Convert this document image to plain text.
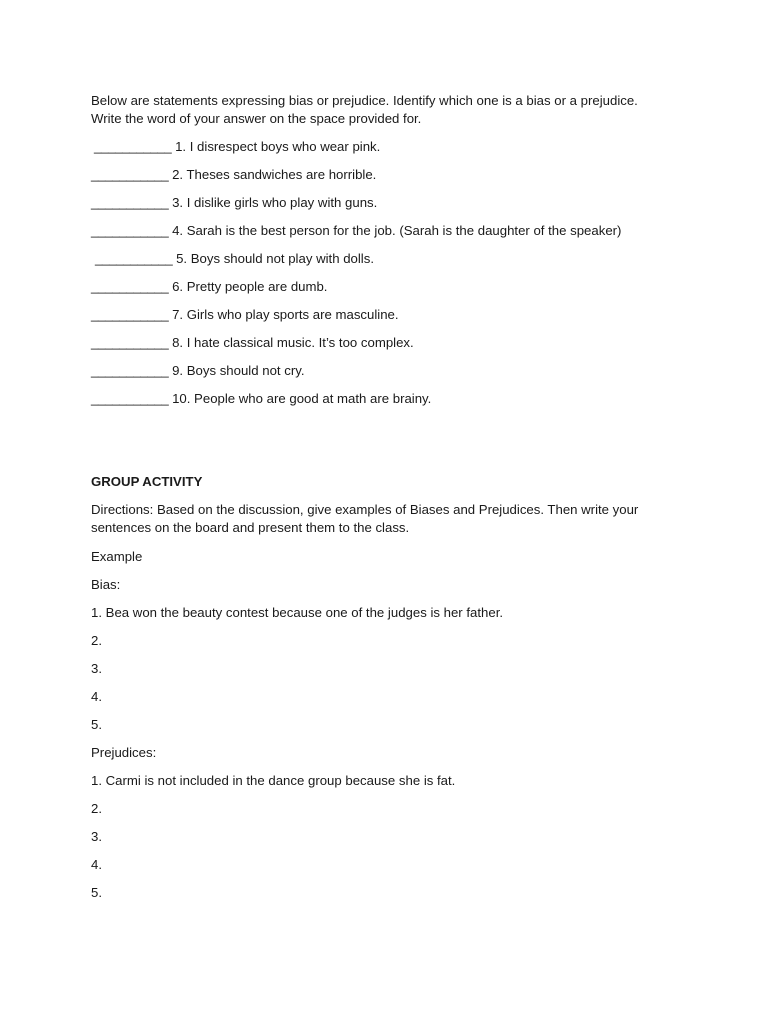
Below are statements expressing bias or prejudice. Identify which one is a bias or a prejudice.
Write the word of your answer on the space provided for.
___________ 1. I disrespect boys who wear pink.
___________ 2. Theses sandwiches are horrible.
___________ 3. I dislike girls who play with guns.
___________ 4. Sarah is the best person for the job. (Sarah is the daughter of the speaker)
___________ 5. Boys should not play with dolls.
___________ 6. Pretty people are dumb.
___________ 7. Girls who play sports are masculine.
___________ 8. I hate classical music. It’s too complex.
___________ 9. Boys should not cry.
___________ 10. People who are good at math are brainy.
GROUP ACTIVITY
Directions: Based on the discussion, give examples of Biases and Prejudices. Then write your
sentences on the board and present them to the class.
Example
Bias:
1. Bea won the beauty contest because one of the judges is her father.
2.
3.
4.
5.
Prejudices:
1. Carmi is not included in the dance group because she is fat.
2.
3.
4.
5.
